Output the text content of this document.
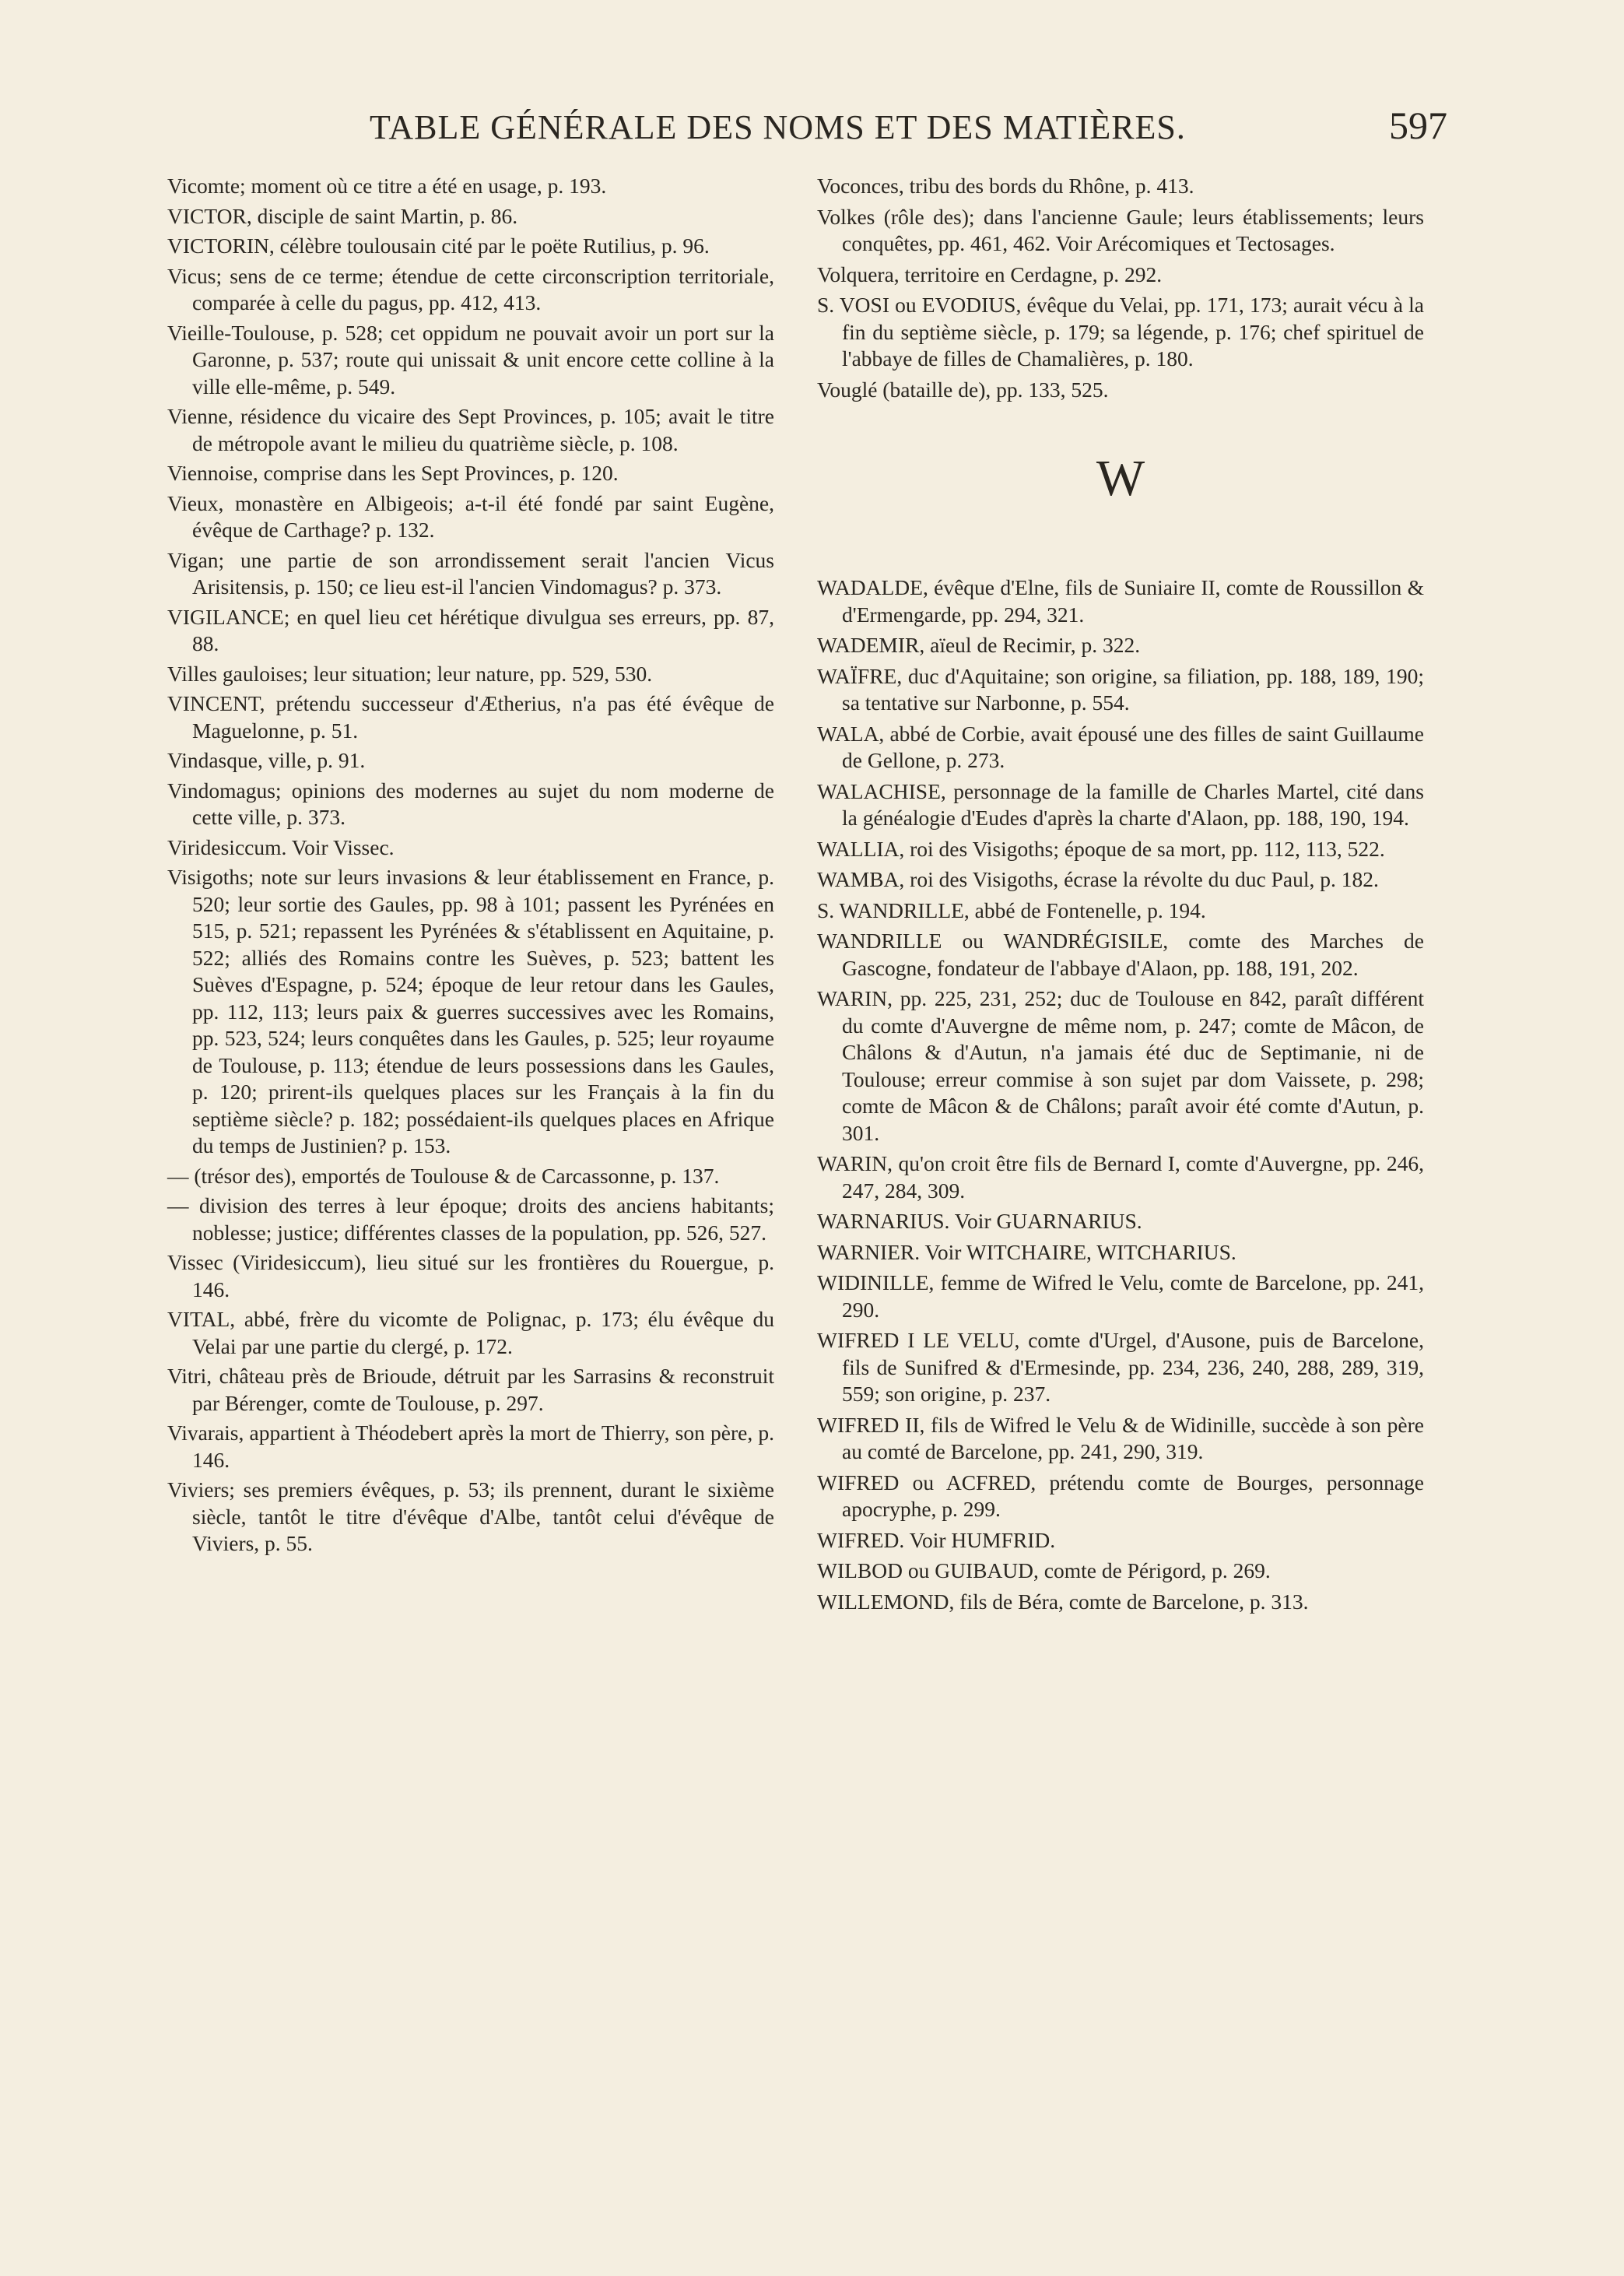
TABLE GÉNÉRALE DES NOMS ET DES MATIÈRES.	597

Vicomte; moment où ce titre a été en usage, p. 193.

VICTOR, disciple de saint Martin, p. 86.

VICTORIN, célèbre toulousain cité par le poëte Rutilius, p. 96.

Vicus; sens de ce terme; étendue de cette circonscription territoriale, comparée à celle du pagus, pp. 412, 413.

Vieille-Toulouse, p. 528; cet oppidum ne pouvait avoir un port sur la Garonne, p. 537; route qui unissait & unit encore cette colline à la ville elle-même, p. 549.

Vienne, résidence du vicaire des Sept Provinces, p. 105; avait le titre de métropole avant le milieu du quatrième siècle, p. 108.

Viennoise, comprise dans les Sept Provinces, p. 120.

Vieux, monastère en Albigeois; a-t-il été fondé par saint Eugène, évêque de Carthage? p. 132.

Vigan; une partie de son arrondissement serait l'ancien Vicus Arisitensis, p. 150; ce lieu est-il l'ancien Vindomagus? p. 373.

VIGILANCE; en quel lieu cet hérétique divulgua ses erreurs, pp. 87, 88.

Villes gauloises; leur situation; leur nature, pp. 529, 530.

VINCENT, prétendu successeur d'Ætherius, n'a pas été évêque de Maguelonne, p. 51.

Vindasque, ville, p. 91.

Vindomagus; opinions des modernes au sujet du nom moderne de cette ville, p. 373.

Viridesiccum. Voir Vissec.

Visigoths; note sur leurs invasions & leur établissement en France, p. 520; leur sortie des Gaules, pp. 98 à 101; passent les Pyrénées en 515, p. 521; repassent les Pyrénées & s'établissent en Aquitaine, p. 522; alliés des Romains contre les Suèves, p. 523; battent les Suèves d'Espagne, p. 524; époque de leur retour dans les Gaules, pp. 112, 113; leurs paix & guerres successives avec les Romains, pp. 523, 524; leurs conquêtes dans les Gaules, p. 525; leur royaume de Toulouse, p. 113; étendue de leurs possessions dans les Gaules, p. 120; prirent-ils quelques places sur les Français à la fin du septième siècle? p. 182; possédaient-ils quelques places en Afrique du temps de Justinien? p. 153.

— (trésor des), emportés de Toulouse & de Carcassonne, p. 137.

— division des terres à leur époque; droits des anciens habitants; noblesse; justice; différentes classes de la population, pp. 526, 527.

Vissec (Viridesiccum), lieu situé sur les frontières du Rouergue, p. 146.

VITAL, abbé, frère du vicomte de Polignac, p. 173; élu évêque du Velai par une partie du clergé, p. 172.

Vitri, château près de Brioude, détruit par les Sarrasins & reconstruit par Bérenger, comte de Toulouse, p. 297.

Vivarais, appartient à Théodebert après la mort de Thierry, son père, p. 146.

Viviers; ses premiers évêques, p. 53; ils prennent, durant le sixième siècle, tantôt le titre d'évêque d'Albe, tantôt celui d'évêque de Viviers, p. 55.

Voconces, tribu des bords du Rhône, p. 413.

Volkes (rôle des); dans l'ancienne Gaule; leurs établissements; leurs conquêtes, pp. 461, 462. Voir Arécomiques et Tectosages.

Volquera, territoire en Cerdagne, p. 292.

S. VOSI ou EVODIUS, évêque du Velai, pp. 171, 173; aurait vécu à la fin du septième siècle, p. 179; sa légende, p. 176; chef spirituel de l'abbaye de filles de Chamalières, p. 180.

Vouglé (bataille de), pp. 133, 525.

W

WADALDE, évêque d'Elne, fils de Suniaire II, comte de Roussillon & d'Ermengarde, pp. 294, 321.

WADEMIR, aïeul de Recimir, p. 322.

WAÏFRE, duc d'Aquitaine; son origine, sa filiation, pp. 188, 189, 190; sa tentative sur Narbonne, p. 554.

WALA, abbé de Corbie, avait épousé une des filles de saint Guillaume de Gellone, p. 273.

WALACHISE, personnage de la famille de Charles Martel, cité dans la généalogie d'Eudes d'après la charte d'Alaon, pp. 188, 190, 194.

WALLIA, roi des Visigoths; époque de sa mort, pp. 112, 113, 522.

WAMBA, roi des Visigoths, écrase la révolte du duc Paul, p. 182.

S. WANDRILLE, abbé de Fontenelle, p. 194.

WANDRILLE ou WANDRÉGISILE, comte des Marches de Gascogne, fondateur de l'abbaye d'Alaon, pp. 188, 191, 202.

WARIN, pp. 225, 231, 252; duc de Toulouse en 842, paraît différent du comte d'Auvergne de même nom, p. 247; comte de Mâcon, de Châlons & d'Autun, n'a jamais été duc de Septimanie, ni de Toulouse; erreur commise à son sujet par dom Vaissete, p. 298; comte de Mâcon & de Châlons; paraît avoir été comte d'Autun, p. 301.

WARIN, qu'on croit être fils de Bernard I, comte d'Auvergne, pp. 246, 247, 284, 309.

WARNARIUS. Voir GUARNARIUS.

WARNIER. Voir WITCHAIRE, WITCHARIUS.

WIDINILLE, femme de Wifred le Velu, comte de Barcelone, pp. 241, 290.

WIFRED I LE VELU, comte d'Urgel, d'Ausone, puis de Barcelone, fils de Sunifred & d'Ermesinde, pp. 234, 236, 240, 288, 289, 319, 559; son origine, p. 237.

WIFRED II, fils de Wifred le Velu & de Widinille, succède à son père au comté de Barcelone, pp. 241, 290, 319.

WIFRED ou ACFRED, prétendu comte de Bourges, personnage apocryphe, p. 299.

WIFRED. Voir HUMFRID.

WILBOD ou GUIBAUD, comte de Périgord, p. 269.

WILLEMOND, fils de Béra, comte de Barcelone, p. 313.
